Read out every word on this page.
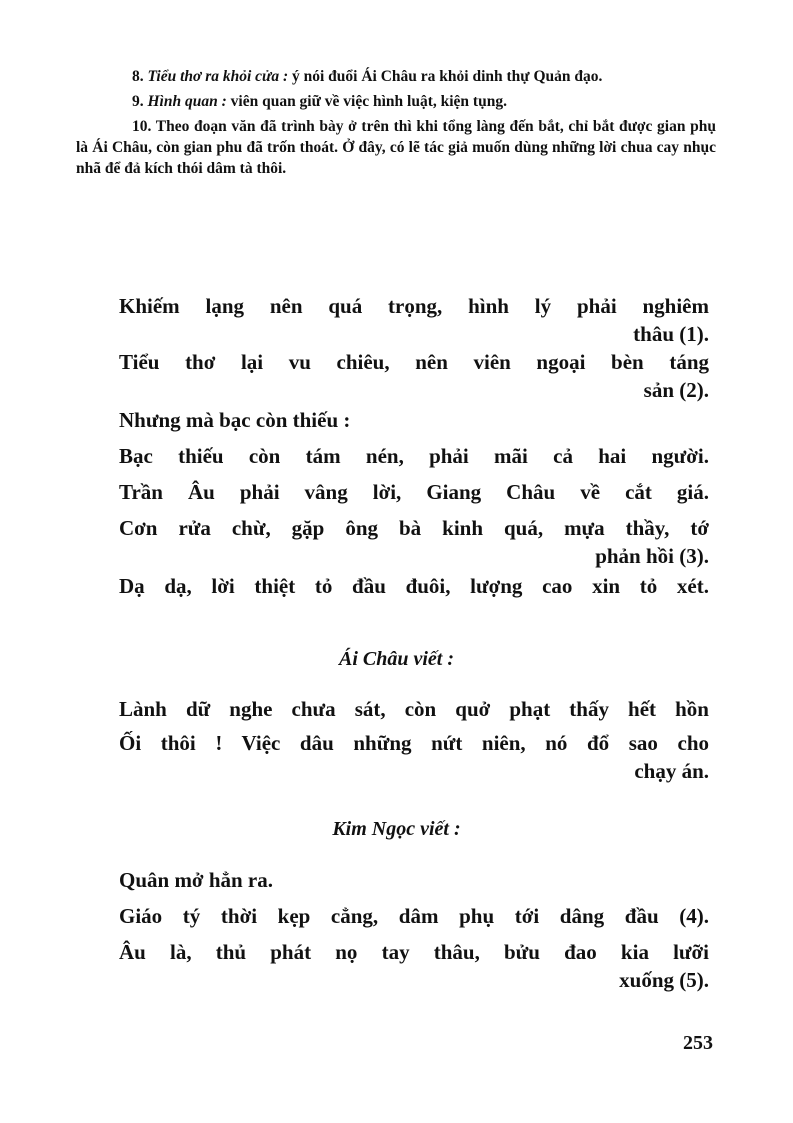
8. Tiểu thơ ra khỏi cửa : ý nói đuổi Ái Châu ra khỏi dinh thự Quản đạo.

9. Hình quan : viên quan giữ về việc hình luật, kiện tụng.

10. Theo đoạn văn đã trình bày ở trên thì khi tổng làng đến bắt, chỉ bắt được gian phụ là Ái Châu, còn gian phu đã trốn thoát. Ở đây, có lẽ tác giả muốn dùng những lời chua cay nhục nhã để đả kích thói dâm tà thôi.

Khiếm lạng nên quá trọng, hình lý phải nghiêm

thâu (1).

Tiểu thơ lại vu chiêu, nên viên ngoại bèn táng

sản (2).

Nhưng mà bạc còn thiếu :

Bạc thiếu còn tám nén, phải mãi cả hai người.

Trần Âu phải vâng lời, Giang Châu về cắt giá.

Cơn rửa chừ, gặp ông bà kinh quá, mựa thầy, tớ

phản hồi (3).

Dạ dạ, lời thiệt tỏ đầu đuôi, lượng cao xin tỏ xét.

Ái Châu viết :

Lành dữ nghe chưa sát, còn quở phạt thấy hết hồn

Ối thôi ! Việc dâu những nứt niên, nó đổ sao cho

chạy án.

Kim Ngọc viết :

Quân mở hẳn ra.

Giáo tý thời kẹp cẳng, dâm phụ tới dâng đầu (4).

Âu là, thủ phát nọ tay thâu, bửu đao kia lưỡi

xuống (5).

253
